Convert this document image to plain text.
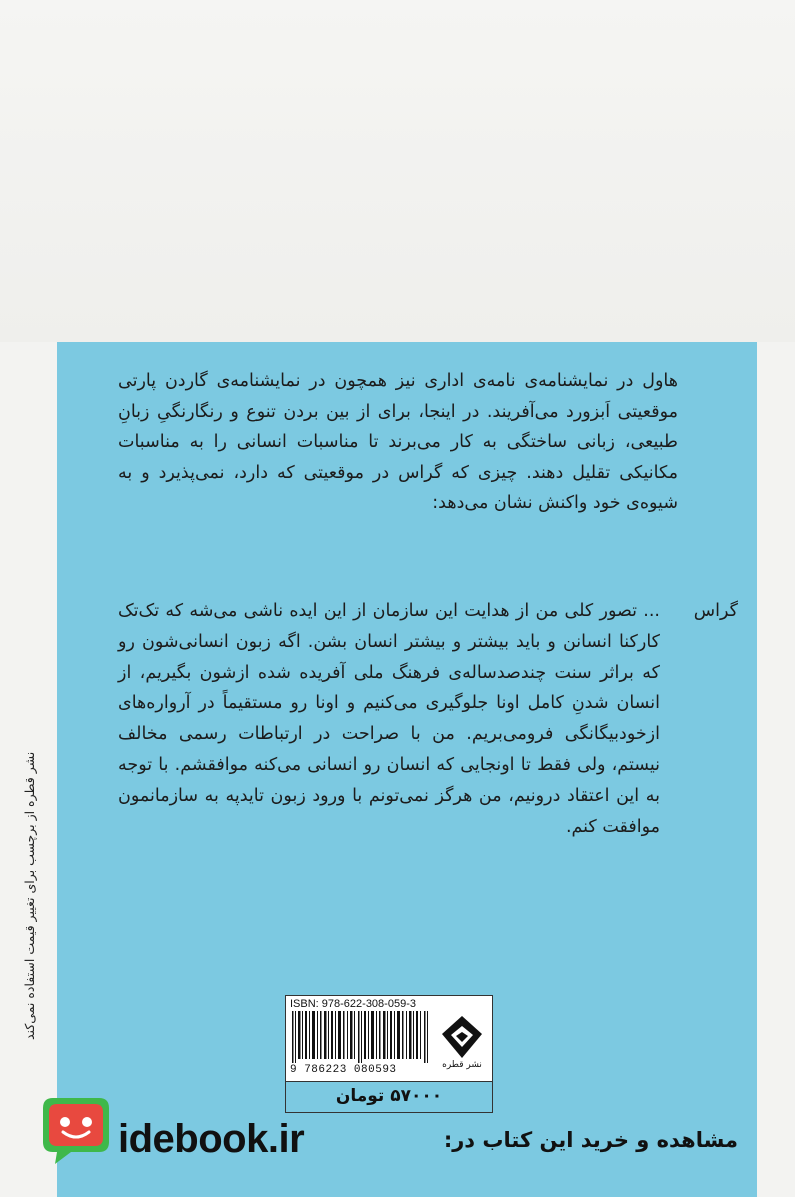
هاول در نمایشنامه‌ی نامه‌ی اداری نیز همچون در نمایشنامه‌ی گاردن پارتی موقعیتی اَبزورد می‌آفریند. در اینجا، برای از بین بردن تنوع و رنگارنگیِ زبانِ طبیعی، زبانی ساختگی به کار می‌برند تا مناسبات انسانی را به مناسبات مکانیکی تقلیل دهند. چیزی که گراس در موقعیتی که دارد، نمی‌پذیرد و به شیوه‌ی خود واکنش نشان می‌دهد:

گراس
... تصور کلی من از هدایت این سازمان از این ایده ناشی می‌شه که تک‌تک کارکنا انسانن و باید بیشتر و بیشتر انسان بشن. اگه زبون انسانی‌شون رو که براثر سنت چندصدساله‌ی فرهنگ ملی آفریده شده ازشون بگیریم، از انسان شدنِ کامل اونا جلوگیری می‌کنیم و اونا رو مستقیماً در آرواره‌های ازخودبیگانگی فرومی‌بریم. من با صراحت در ارتباطات رسمی مخالف نیستم، ولی فقط تا اونجایی که انسان رو انسانی می‌کنه موافقشم. با توجه به این اعتقاد درونیم، من هرگز نمی‌تونم با ورود زبون تایدپه به سازمانمون موافقت کنم.
نشر قطره از برچسب برای تغییر قیمت استفاده نمی‌کند	ISBN: 978-622-308-059-3
9 786223 080593	نشر قطره
۵۷۰۰۰ تومان
idebook.ir	مشاهده و خرید این کتاب در:
